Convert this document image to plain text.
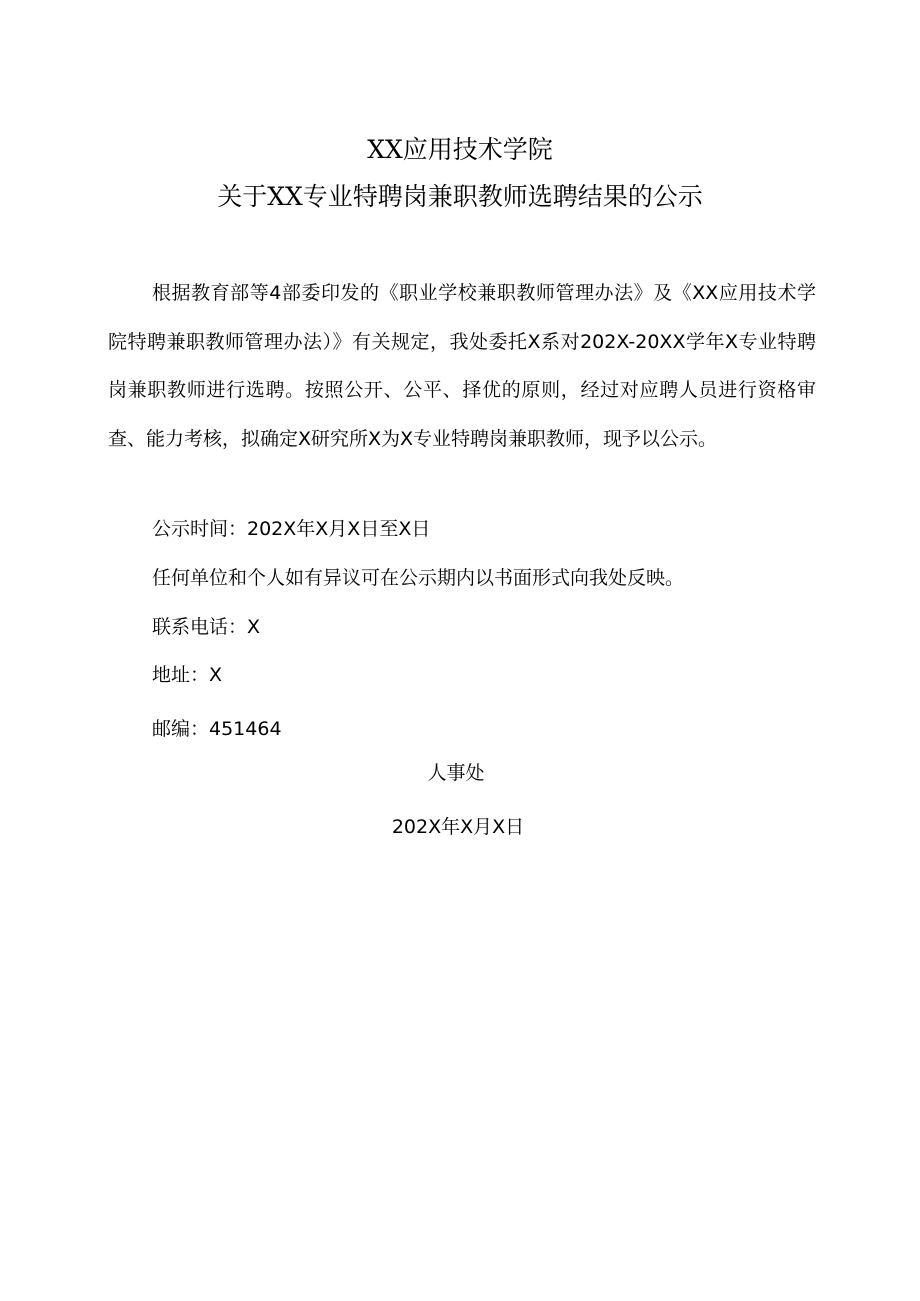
XX应用技术学院
关于XX专业特聘岗兼职教师选聘结果的公示
根据教育部等4部委印发的《职业学校兼职教师管理办法》及《XX应用技术学院特聘兼职教师管理办法）》有关规定，我处委托X系对202X-20XX学年X专业特聘岗兼职教师进行选聘。按照公开、公平、择优的原则，经过对应聘人员进行资格审查、能力考核，拟确定X研究所X为X专业特聘岗兼职教师，现予以公示。
公示时间：202X年X月X日至X日
任何单位和个人如有异议可在公示期内以书面形式向我处反映。
联系电话：X
地址：X
邮编：451464
人事处
202X年X月X日
